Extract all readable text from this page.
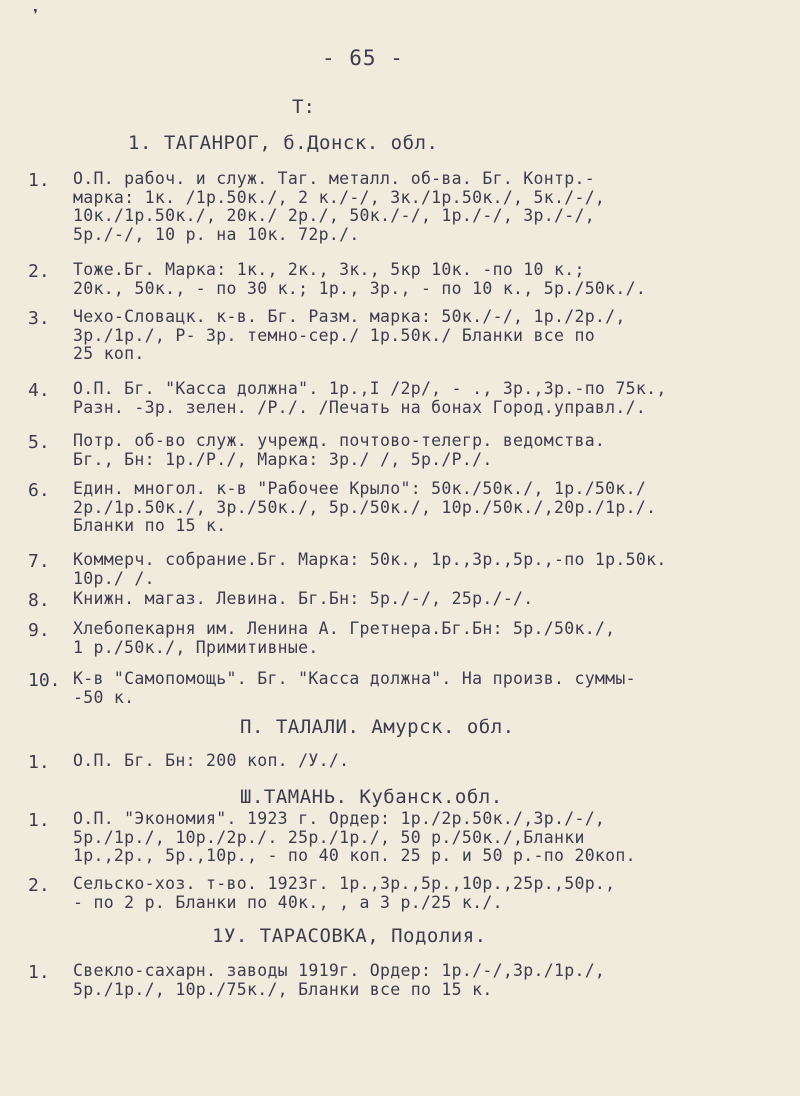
- 65 -
Т:
1. ТАГАНРОГ, б.Донск. обл.
1. О.П. рабоч. и служ. Таг. металл. об-ва. Бг. Контр.-
марка: 1к. /1р.50к./, 2 к./-/, 3к./1р.50к./, 5к./-/,
10к./1р.50к./, 20к./ 2р./, 50к./-/, 1р./-/, 3р./-/,
5р./-/, 10 р. на 10к. 72р./.
2. Тоже.Бг. Марка: 1к., 2к., 3к., 5кр 10к. -по 10 к.;
20к., 50к., - по 30 к.; 1р., 3р., - по 10 к., 5р./50к./.
3. Чехо-Словацк. к-в. Бг. Разм. марка: 50к./-/, 1р./2р./,
3р./1р./, Р- 3р. темно-сер./ 1р.50к./ Бланки все по
25 коп.
4. О.П. Бг. "Касса должна". 1р.,I /2р/, - ., 3р.,3р.-по 75к.,
Разн. -3р. зелен. /Р./. /Печать на бонах Город.управл./.
5. Потр. об-во служ. учрежд. почтово-телегр. ведомства.
Бг., Бн: 1р./Р./, Марка: 3р./ /, 5р./Р./.
6. Един. многол. к-в "Рабочее Крыло": 50к./50к./, 1р./50к./
2р./1р.50к./, 3р./50к./, 5р./50к./, 10р./50к./,20р./1р./.
Бланки по 15 к.
7. Коммерч. собрание.Бг. Марка: 50к., 1р.,3р.,5р.,-по 1р.50к.
10р./ /.
8. Книжн. магаз. Левина. Бг.Бн: 5р./-/, 25р./-/.
9. Хлебопекарня им. Ленина А. Гретнера.Бг.Бн: 5р./50к./,
1 р./50к./, Примитивные.
10. К-в "Самопомощь". Бг. "Касса должна". На произв. суммы-
-50 к.
П. ТАЛАЛИ. Амурск. обл.
1. О.П. Бг. Бн: 200 коп. /У./.
Ш.ТАМАНЬ. Кубанск.обл.
1. О.П. "Экономия". 1923 г. Ордер: 1р./2р.50к./,3р./-/,
5р./1р./, 10р./2р./. 25р./1р./, 50 р./50к./,Бланки
1р.,2р., 5р.,10р., - по 40 коп. 25 р. и 50 р.-по 20коп.
2. Сельско-хоз. т-во. 1923г. 1р.,3р.,5р.,10р.,25р.,50р.,
- по 2 р. Бланки по 40к., , а 3 р./25 к./.
1У. ТАРАСОВКА, Подолия.
1. Свекло-сахарн. заводы 1919г. Ордер: 1р./-/,3р./1р./,
5р./1р./, 10р./75к./, Бланки все по 15 к.
❜
